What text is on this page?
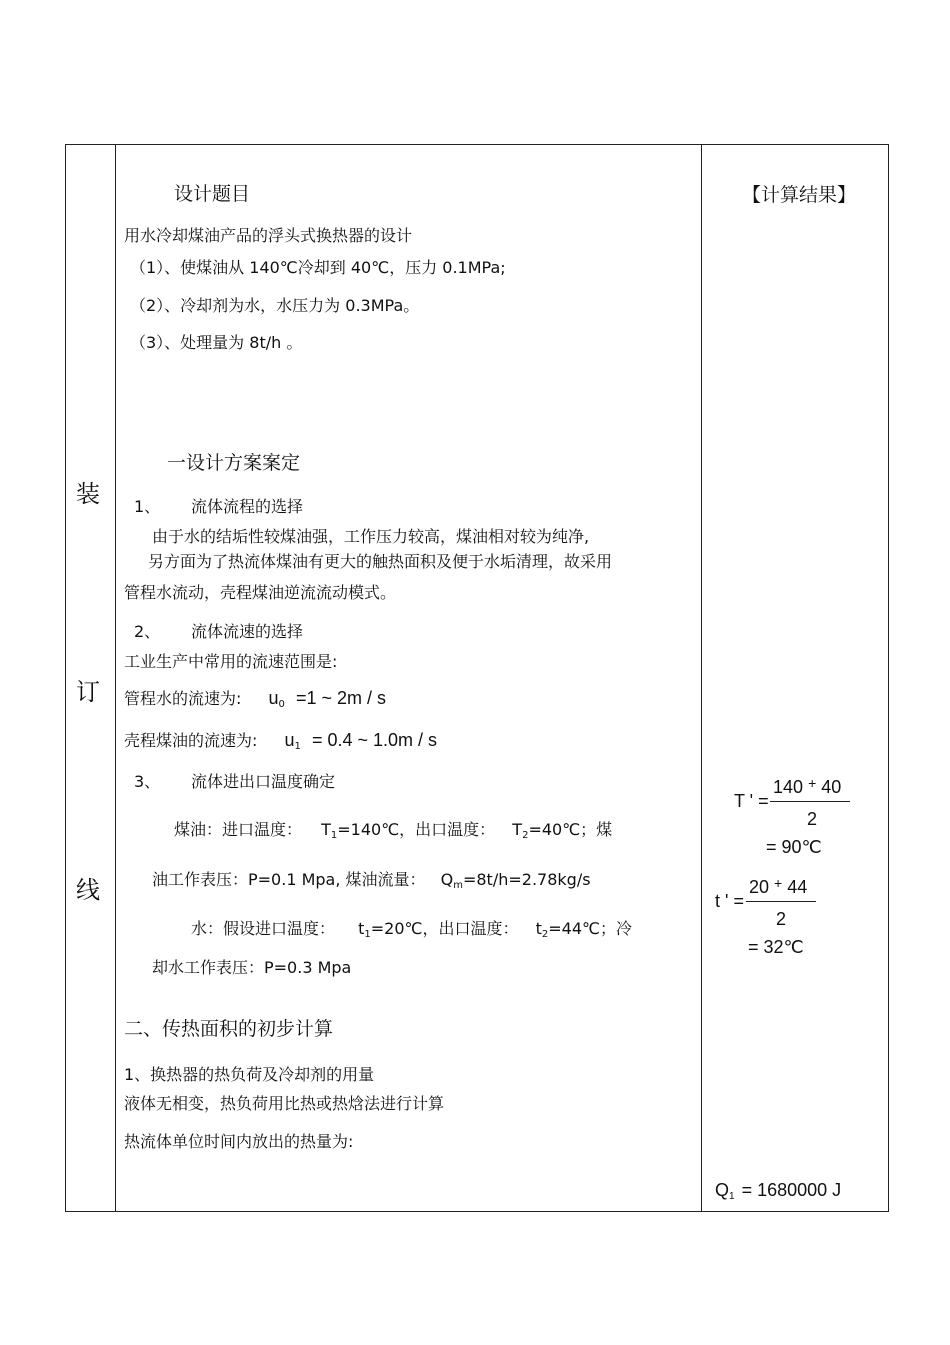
装
订
线
【计算结果】
设计题目
用水冷却煤油产品的浮头式换热器的设计
（1）、使煤油从 140℃冷却到 40℃，压力 0.1MPa;
（2）、冷却剂为水，水压力为 0.3MPa。
（3）、处理量为 8t/h 。
一设计方案案定
1、 流体流程的选择
由于水的结垢性较煤油强，工作压力较高，煤油相对较为纯净,
另方面为了热流体煤油有更大的触热面积及便于水垢清理，故采用
管程水流动，壳程煤油逆流流动模式。
2、 流体流速的选择
工业生产中常用的流速范围是:
管程水的流速为: $u_0 =1$ ~ 2m / s
壳程煤油的流速为: $u_1 = 0.4$ ~ 1.0m / s
3、 流体进出口温度确定
煤油：进口温度： $T_1=140℃$，出口温度： $T_2=40℃$；煤
油工作表压：P=0.1 Mpa, 煤油流量： $Q_m=8t/h=2.78kg/s$
水：假设进口温度： $t_1=20℃$，出口温度： $t_2=44℃$；冷
却水工作表压：P=0.3 Mpa
二、传热面积的初步计算
1、换热器的热负荷及冷却剂的用量
液体无相变，热负荷用比热或热焓法进行计算
热流体单位时间内放出的热量为:
T ' =
140 + 40
2
= 90℃
t ' =
20 + 44
2
= 32℃
$Q_1 = 1680000$ J
